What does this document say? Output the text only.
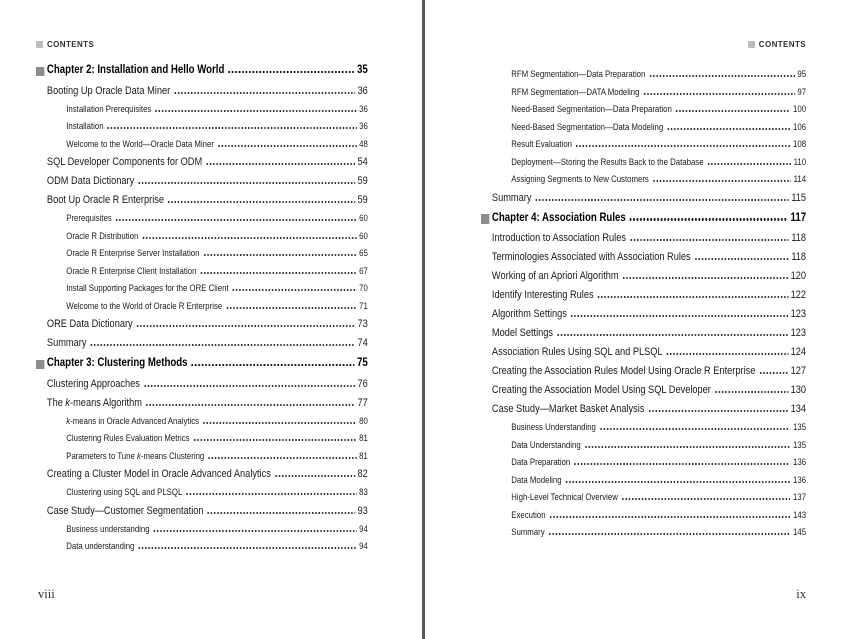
CONTENTS
Chapter 2: Installation and Hello World	35
Booting Up Oracle Data Miner	36
Installation Prerequisites	36
Installation	36
Welcome to the World—Oracle Data Miner	48
SQL Developer Components for ODM	54
ODM Data Dictionary	59
Boot Up Oracle R Enterprise	59
Prerequisites	60
Oracle R Distribution	60
Oracle R Enterprise Server Installation	65
Oracle R Enterprise Client Installation	67
Install Supporting Packages for the ORE Client	70
Welcome to the World of Oracle R Enterprise	71
ORE Data Dictionary	73
Summary	74
Chapter 3: Clustering Methods	75
Clustering Approaches	76
The k-means Algorithm	77
k-means in Oracle Advanced Analytics	80
Clustering Rules Evaluation Metrics	81
Parameters to Tune k-means Clustering	81
Creating a Cluster Model in Oracle Advanced Analytics	82
Clustering using SQL and PLSQL	83
Case Study—Customer Segmentation	93
Business understanding	94
Data understanding	94
viii
CONTENTS
RFM Segmentation—Data Preparation	95
RFM Segmentation—DATA Modeling	97
Need-Based Segmentation—Data Preparation	100
Need-Based Segmentation—Data Modeling	106
Result Evaluation	108
Deployment—Storing the Results Back to the Database	110
Assigning Segments to New Customers	114
Summary	115
Chapter 4: Association Rules	117
Introduction to Association Rules	118
Terminologies Associated with Association Rules	118
Working of an Apriori Algorithm	120
Identify Interesting Rules	122
Algorithm Settings	123
Model Settings	123
Association Rules Using SQL and PLSQL	124
Creating the Association Rules Model Using Oracle R Enterprise	127
Creating the Association Model Using SQL Developer	130
Case Study—Market Basket Analysis	134
Business Understanding	135
Data Understanding	135
Data Preparation	136
Data Modeling	136
High-Level Technical Overview	137
Execution	143
Summary	145
ix
